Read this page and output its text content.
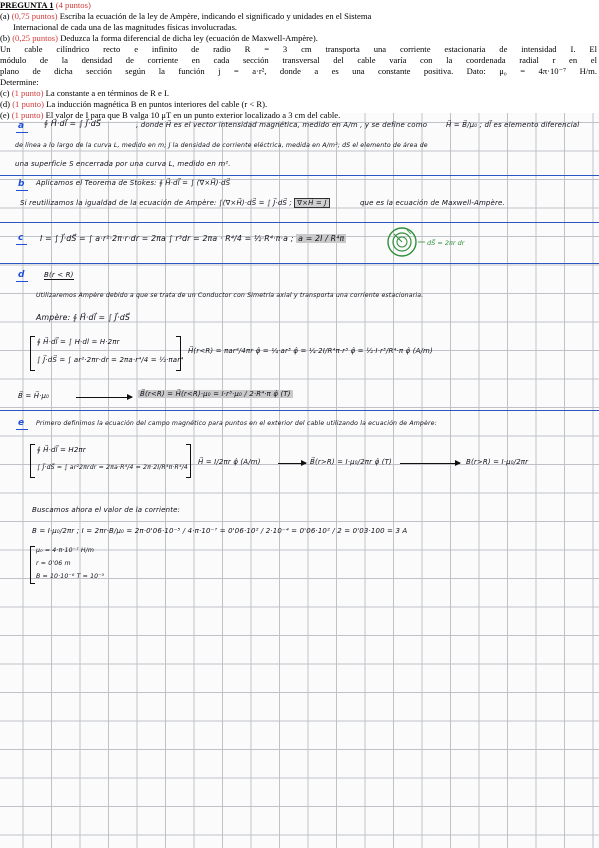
PREGUNTA 1 (4 puntos)
(a) (0,75 puntos) Escriba la ecuación de la ley de Ampère, indicando el significado y unidades en el Sistema
Internacional de cada una de las magnitudes físicas involucradas.
(b) (0,25 puntos) Deduzca la forma diferencial de dicha ley (ecuación de Maxwell-Ampère).
Un cable cilíndrico recto e infinito de radio R = 3 cm transporta una corriente estacionaria de intensidad I. El
módulo de la densidad de corriente en cada sección transversal del cable varía con la coordenada radial r en el
plano de dicha sección según la función j = a·r², donde a es una constante positiva. Dato: μ₀ = 4π·10⁻⁷ H/m.
Determine:
(c) (1 punto) La constante a en términos de R e I.
(d) (1 punto) La inducción magnética B en puntos interiores del cable (r < R).
(e) (1 punto) El valor de I para que B valga 10 μT en un punto exterior localizado a 3 cm del cable.
a	∮ H⃗·dl⃗ = ∫ J⃗·dS⃗	, donde H⃗ es el vector intensidad magnética, medido en A/m , y se define como	H⃗ = B⃗/μ₀ ; dl⃗ es elemento diferencial
de línea a lo largo de la curva L, medido en m; J⃗ la densidad de corriente eléctrica, medida en A/m²; dS⃗ el elemento de área de
una superficie S encerrada por una curva L, medido en m².
b Aplicamos el Teorema de Stokes: ∮ H⃗·dl⃗ = ∫ (∇×H⃗)·dS⃗
Si reutilizamos la igualdad de la ecuación de Ampère: ∫(∇×H⃗)·dS⃗ = ∫ J⃗·dS⃗ ; ∇×H⃗ = J⃗	que es la ecuación de Maxwell-Ampère.
c I = ∫ J⃗·dS⃗ = ∫ a·r²·2π·r·dr = 2πa ∫ r³dr = 2πa · R⁴/4 = ½·R⁴·π·a ; a = 2I / R⁴π	dS⃗ = 2πr dr
d	B(r < R)
Utilizaremos Ampère debido a que se trata de un Conductor con Simetría axial y transporta una corriente estacionaria.
Ampère: ∮ H⃗·dl⃗ = ∫ J⃗·dS⃗
∮ H⃗·dl⃗ = ∫ H·dl = H·2πr
∫ J⃗·dS⃗ = ∫ ar²·2πr·dr = 2πa·r⁴/4 = ½·πar⁴
H⃗(r<R) = πar⁴/4πr φ̂ = ¼·ar³ φ̂ = ¼·2I/R⁴π·r³ φ̂ = ½·I·r³/R⁴·π φ̂ (A/m)
B⃗ = H⃗·μ₀	B⃗(r<R) = H⃗(r<R)·μ₀ = I·r³·μ₀ / 2·R⁴·π φ̂ (T)
e Primero definimos la ecuación del campo magnético para puntos en el exterior del cable utilizando la ecuación de Ampère:
∮ H⃗·dl⃗ = H2πr
∫ J⃗·dS⃗ = ∫ ar²2πrdr = 2πa·R⁴/4 = 2π·2I/R⁴π·R⁴/4
H⃗ = I/2πr φ̂ (A/m)	B⃗(r>R) = I·μ₀/2πr φ̂ (T)	B(r>R) = I·μ₀/2πr
Buscamos ahora el valor de la corriente:
B = I·μ₀/2πr ; I = 2πr·B/μ₀ = 2π·0'06·10⁻⁵ / 4·π·10⁻⁷ = 0'06·10² / 2·10⁻⁴ = 0'06·10² / 2 = 0'03·100 = 3 A
μ₀ = 4·π·10⁻⁷ H/m
r = 0'06 m
B = 10·10⁻⁶ T = 10⁻⁵
